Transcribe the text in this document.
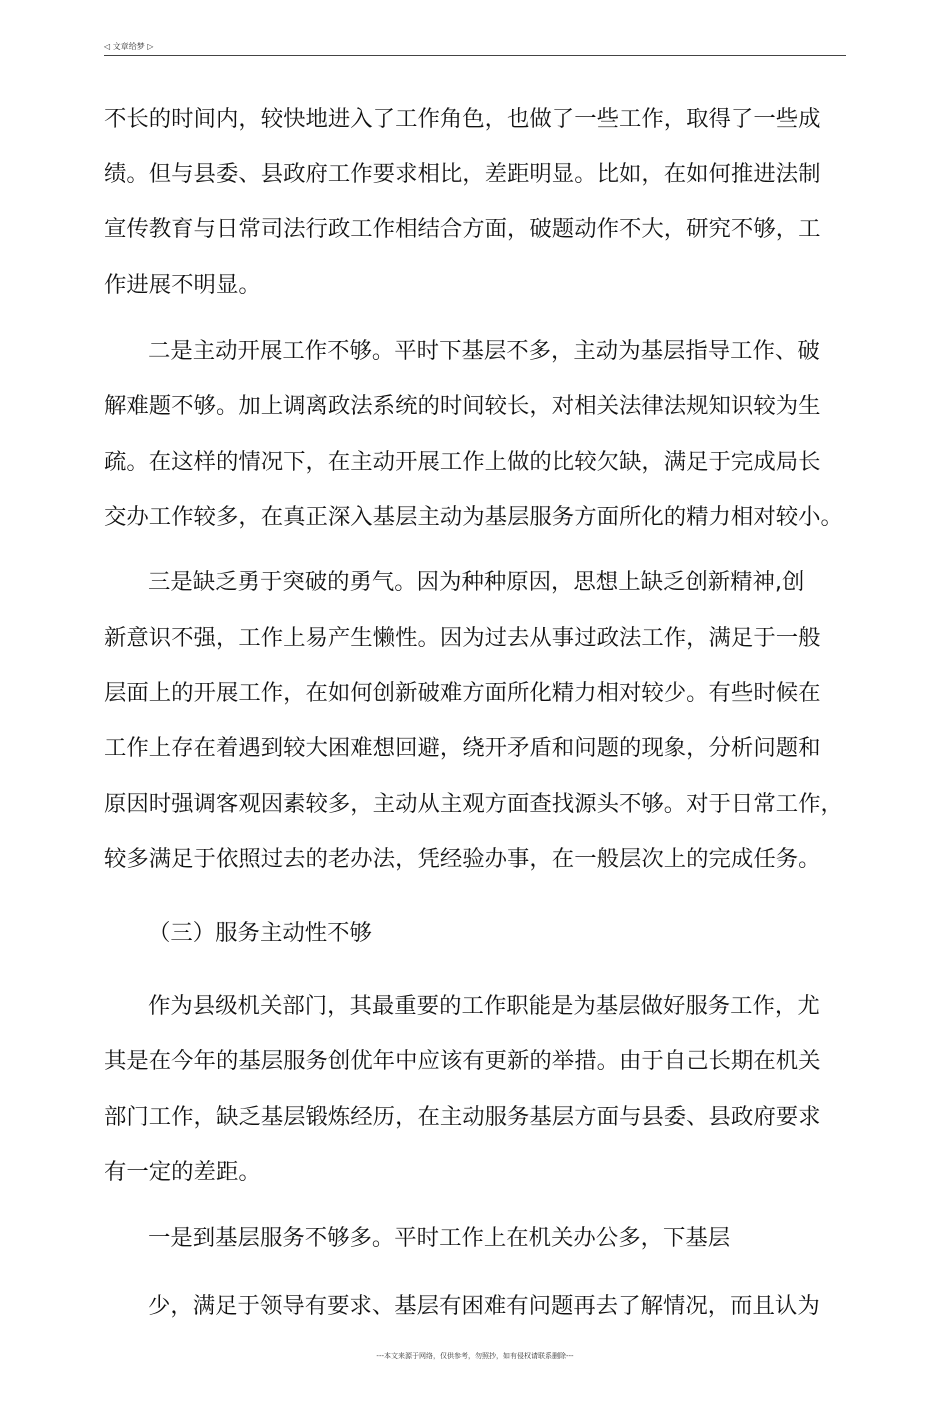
◁ 文章给梦 ▷
不长的时间内，较快地进入了工作角色，也做了一些工作，取得了一些成
绩。但与县委、县政府工作要求相比，差距明显。比如，在如何推进法制
宣传教育与日常司法行政工作相结合方面，破题动作不大，研究不够，工
作进展不明显。
二是主动开展工作不够。平时下基层不多，主动为基层指导工作、破
解难题不够。加上调离政法系统的时间较长，对相关法律法规知识较为生
疏。在这样的情况下，在主动开展工作上做的比较欠缺，满足于完成局长
交办工作较多，在真正深入基层主动为基层服务方面所化的精力相对较小。
三是缺乏勇于突破的勇气。因为种种原因，思想上缺乏创新精神,创
新意识不强，工作上易产生懒性。因为过去从事过政法工作，满足于一般
层面上的开展工作，在如何创新破难方面所化精力相对较少。有些时候在
工作上存在着遇到较大困难想回避，绕开矛盾和问题的现象，分析问题和
原因时强调客观因素较多，主动从主观方面查找源头不够。对于日常工作，
较多满足于依照过去的老办法，凭经验办事，在一般层次上的完成任务。
（三）服务主动性不够
作为县级机关部门，其最重要的工作职能是为基层做好服务工作，尤
其是在今年的基层服务创优年中应该有更新的举措。由于自己长期在机关
部门工作，缺乏基层锻炼经历，在主动服务基层方面与县委、县政府要求
有一定的差距。
一是到基层服务不够多。平时工作上在机关办公多，下基层
少，满足于领导有要求、基层有困难有问题再去了解情况，而且认为
---本文来源于网络，仅供参考，勿照抄，如有侵权请联系删除---
